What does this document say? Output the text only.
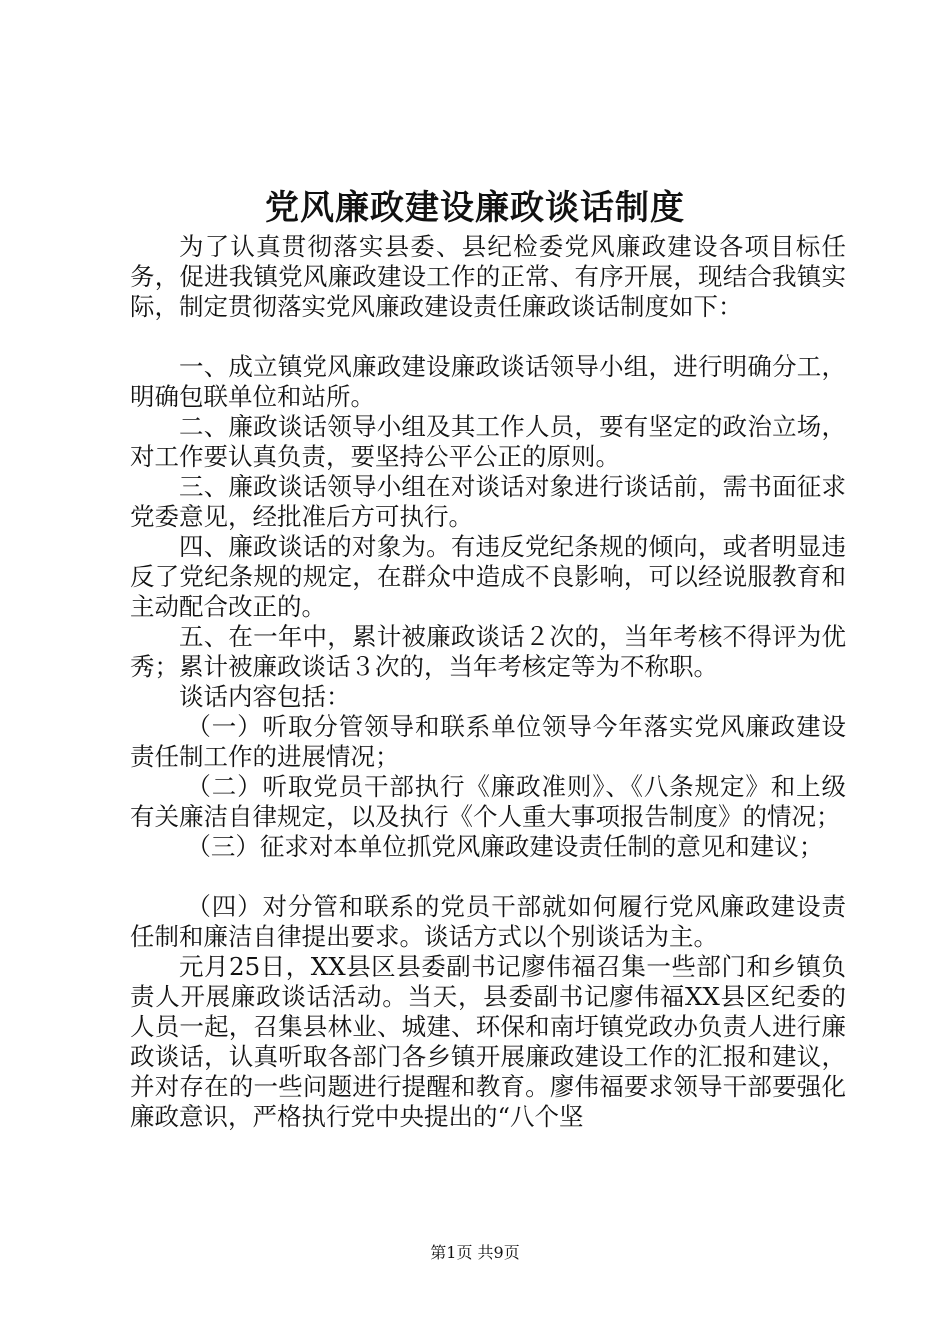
党风廉政建设廉政谈话制度

为了认真贯彻落实县委、县纪检委党风廉政建设各项目标任务，促进我镇党风廉政建设工作的正常、有序开展，现结合我镇实际，制定贯彻落实党风廉政建设责任廉政谈话制度如下：

一、成立镇党风廉政建设廉政谈话领导小组，进行明确分工，明确包联单位和站所。

二、廉政谈话领导小组及其工作人员，要有坚定的政治立场，对工作要认真负责，要坚持公平公正的原则。

三、廉政谈话领导小组在对谈话对象进行谈话前，需书面征求党委意见，经批准后方可执行。

四、廉政谈话的对象为。有违反党纪条规的倾向，或者明显违反了党纪条规的规定，在群众中造成不良影响，可以经说服教育和主动配合改正的。

五、在一年中，累计被廉政谈话２次的，当年考核不得评为优秀；累计被廉政谈话３次的，当年考核定等为不称职。

谈话内容包括：

（一）听取分管领导和联系单位领导今年落实党风廉政建设责任制工作的进展情况；

（二）听取党员干部执行《廉政准则》、《八条规定》和上级有关廉洁自律规定，以及执行《个人重大事项报告制度》的情况；

（三）征求对本单位抓党风廉政建设责任制的意见和建议；

（四）对分管和联系的党员干部就如何履行党风廉政建设责任制和廉洁自律提出要求。谈话方式以个别谈话为主。

元月25日，XX县区县委副书记廖伟福召集一些部门和乡镇负责人开展廉政谈话活动。当天，县委副书记廖伟福XX县区纪委的人员一起，召集县林业、城建、环保和南圩镇党政办负责人进行廉政谈话，认真听取各部门各乡镇开展廉政建设工作的汇报和建议，并对存在的一些问题进行提醒和教育。廖伟福要求领导干部要强化廉政意识，严格执行党中央提出的“八个坚

第1页 共9页
